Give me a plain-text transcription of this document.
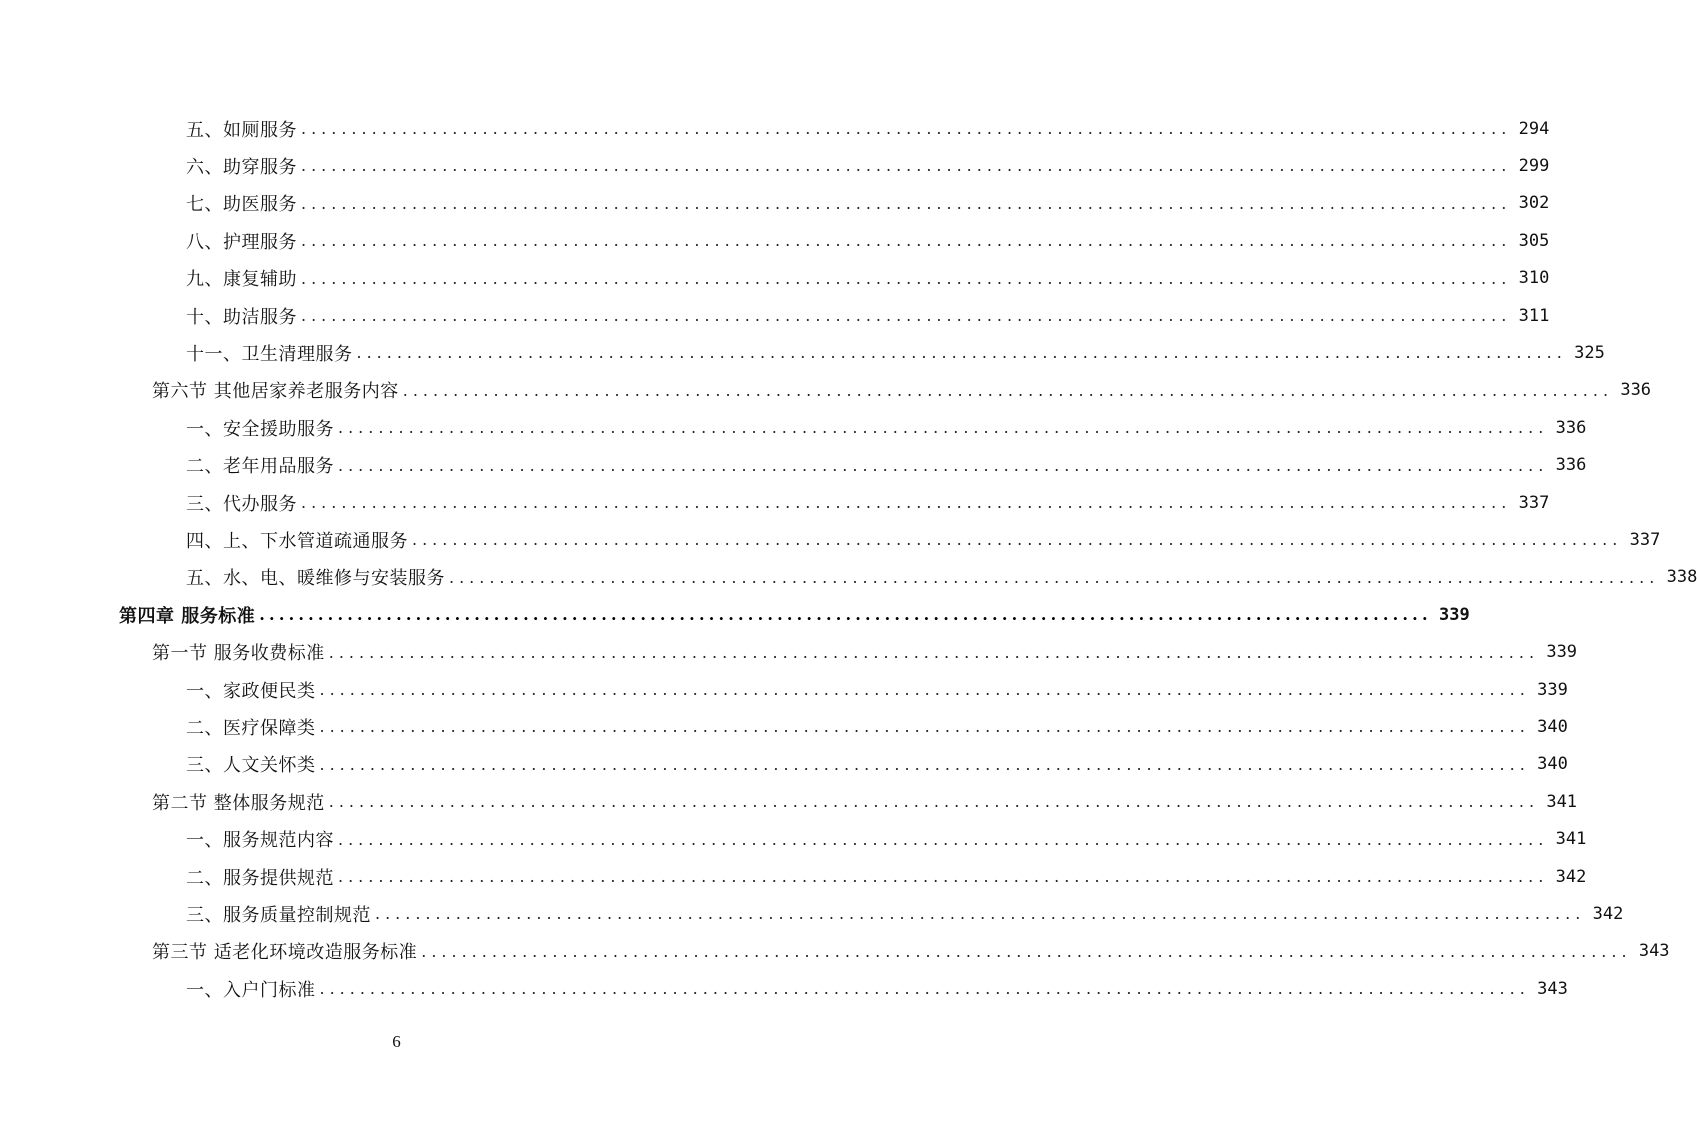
五、如厕服务 ........................................................................................................................ 294
六、助穿服务 ........................................................................................................................ 299
七、助医服务 ........................................................................................................................ 302
八、护理服务 ........................................................................................................................ 305
九、康复辅助 ........................................................................................................................ 310
十、助洁服务 ........................................................................................................................ 311
十一、卫生清理服务 ........................................................................................................................ 325
第六节 其他居家养老服务内容 ........................................................................................................................ 336
一、安全援助服务 ........................................................................................................................ 336
二、老年用品服务 ........................................................................................................................ 336
三、代办服务 ........................................................................................................................ 337
四、上、下水管道疏通服务 ........................................................................................................................ 337
五、水、电、暖维修与安装服务 ........................................................................................................................ 338
第四章 服务标准 ........................................................................................................................ 339
第一节 服务收费标准 ........................................................................................................................ 339
一、家政便民类 ........................................................................................................................ 339
二、医疗保障类 ........................................................................................................................ 340
三、人文关怀类 ........................................................................................................................ 340
第二节 整体服务规范 ........................................................................................................................ 341
一、服务规范内容 ........................................................................................................................ 341
二、服务提供规范 ........................................................................................................................ 342
三、服务质量控制规范 ........................................................................................................................ 342
第三节 适老化环境改造服务标准 ........................................................................................................................ 343
一、入户门标准 ........................................................................................................................ 343
6
